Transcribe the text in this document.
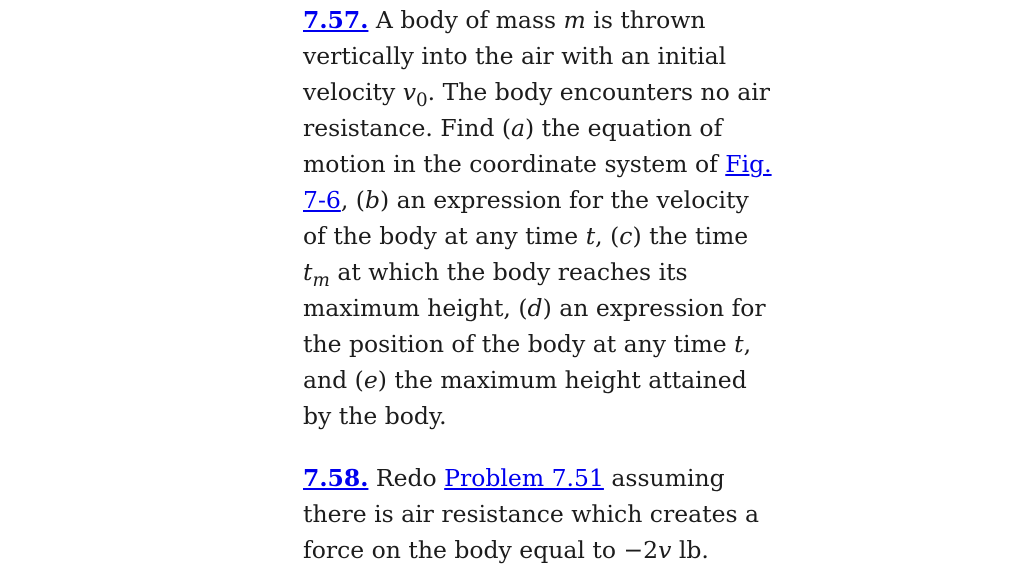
7.57. A body of mass m is thrown vertically into the air with an initial velocity $v_0$. The body encounters no air resistance. Find (a) the equation of motion in the coordinate system of Fig. 7-6, (b) an expression for the velocity of the body at any time t, (c) the time $t_m$ at which the body reaches its maximum height, (d) an expression for the position of the body at any time t, and (e) the maximum height attained by the body.

7.58. Redo Problem 7.51 assuming there is air resistance which creates a force on the body equal to −2v lb.
